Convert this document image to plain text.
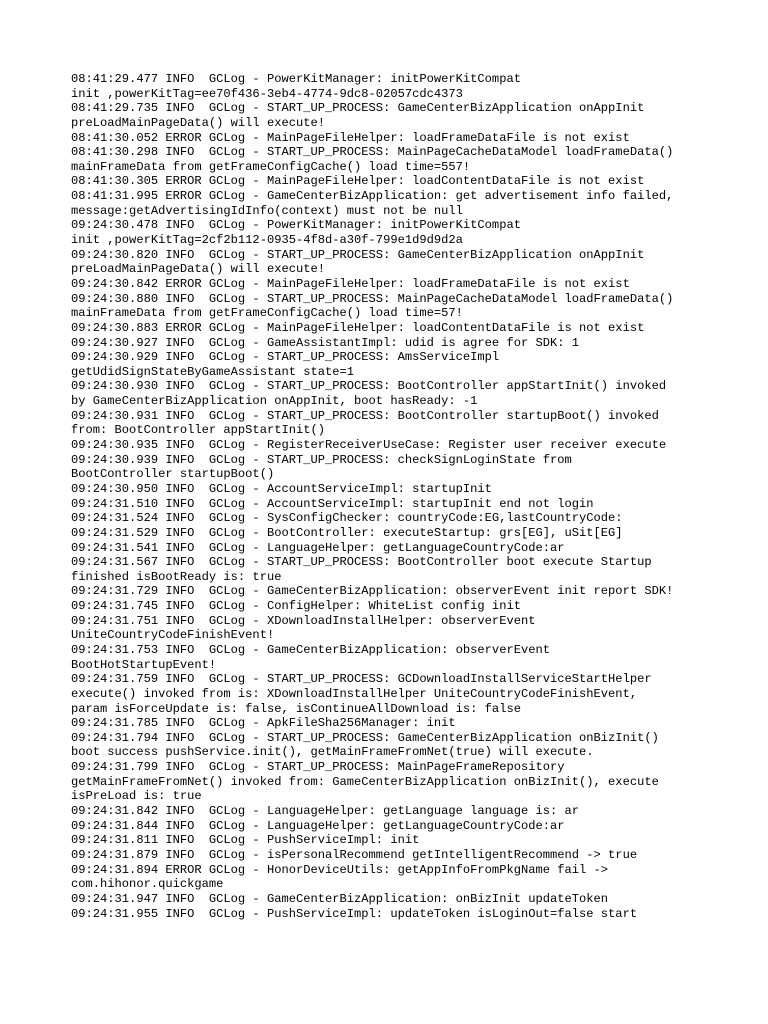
08:41:29.477 INFO  GCLog - PowerKitManager: initPowerKitCompat
init ,powerKitTag=ee70f436-3eb4-4774-9dc8-02057cdc4373
08:41:29.735 INFO  GCLog - START_UP_PROCESS: GameCenterBizApplication onAppInit
preLoadMainPageData() will execute!
08:41:30.052 ERROR GCLog - MainPageFileHelper: loadFrameDataFile is not exist
08:41:30.298 INFO  GCLog - START_UP_PROCESS: MainPageCacheDataModel loadFrameData()
mainFrameData from getFrameConfigCache() load time=557!
08:41:30.305 ERROR GCLog - MainPageFileHelper: loadContentDataFile is not exist
08:41:31.995 ERROR GCLog - GameCenterBizApplication: get advertisement info failed,
message:getAdvertisingIdInfo(context) must not be null
09:24:30.478 INFO  GCLog - PowerKitManager: initPowerKitCompat
init ,powerKitTag=2cf2b112-0935-4f8d-a30f-799e1d9d9d2a
09:24:30.820 INFO  GCLog - START_UP_PROCESS: GameCenterBizApplication onAppInit
preLoadMainPageData() will execute!
09:24:30.842 ERROR GCLog - MainPageFileHelper: loadFrameDataFile is not exist
09:24:30.880 INFO  GCLog - START_UP_PROCESS: MainPageCacheDataModel loadFrameData()
mainFrameData from getFrameConfigCache() load time=57!
09:24:30.883 ERROR GCLog - MainPageFileHelper: loadContentDataFile is not exist
09:24:30.927 INFO  GCLog - GameAssistantImpl: udid is agree for SDK: 1
09:24:30.929 INFO  GCLog - START_UP_PROCESS: AmsServiceImpl
getUdidSignStateByGameAssistant state=1
09:24:30.930 INFO  GCLog - START_UP_PROCESS: BootController appStartInit() invoked
by GameCenterBizApplication onAppInit, boot hasReady: -1
09:24:30.931 INFO  GCLog - START_UP_PROCESS: BootController startupBoot() invoked
from: BootController appStartInit()
09:24:30.935 INFO  GCLog - RegisterReceiverUseCase: Register user receiver execute
09:24:30.939 INFO  GCLog - START_UP_PROCESS: checkSignLoginState from
BootController startupBoot()
09:24:30.950 INFO  GCLog - AccountServiceImpl: startupInit
09:24:31.510 INFO  GCLog - AccountServiceImpl: startupInit end not login
09:24:31.524 INFO  GCLog - SysConfigChecker: countryCode:EG,lastCountryCode:
09:24:31.529 INFO  GCLog - BootController: executeStartup: grs[EG], uSit[EG]
09:24:31.541 INFO  GCLog - LanguageHelper: getLanguageCountryCode:ar
09:24:31.567 INFO  GCLog - START_UP_PROCESS: BootController boot execute Startup
finished isBootReady is: true
09:24:31.729 INFO  GCLog - GameCenterBizApplication: observerEvent init report SDK!
09:24:31.745 INFO  GCLog - ConfigHelper: WhiteList config init
09:24:31.751 INFO  GCLog - XDownloadInstallHelper: observerEvent
UniteCountryCodeFinishEvent!
09:24:31.753 INFO  GCLog - GameCenterBizApplication: observerEvent
BootHotStartupEvent!
09:24:31.759 INFO  GCLog - START_UP_PROCESS: GCDownloadInstallServiceStartHelper
execute() invoked from is: XDownloadInstallHelper UniteCountryCodeFinishEvent,
param isForceUpdate is: false, isContinueAllDownload is: false
09:24:31.785 INFO  GCLog - ApkFileSha256Manager: init
09:24:31.794 INFO  GCLog - START_UP_PROCESS: GameCenterBizApplication onBizInit()
boot success pushService.init(), getMainFrameFromNet(true) will execute.
09:24:31.799 INFO  GCLog - START_UP_PROCESS: MainPageFrameRepository
getMainFrameFromNet() invoked from: GameCenterBizApplication onBizInit(), execute
isPreLoad is: true
09:24:31.842 INFO  GCLog - LanguageHelper: getLanguage language is: ar
09:24:31.844 INFO  GCLog - LanguageHelper: getLanguageCountryCode:ar
09:24:31.811 INFO  GCLog - PushServiceImpl: init
09:24:31.879 INFO  GCLog - isPersonalRecommend getIntelligentRecommend -> true
09:24:31.894 ERROR GCLog - HonorDeviceUtils: getAppInfoFromPkgName fail ->
com.hihonor.quickgame
09:24:31.947 INFO  GCLog - GameCenterBizApplication: onBizInit updateToken
09:24:31.955 INFO  GCLog - PushServiceImpl: updateToken isLoginOut=false start
